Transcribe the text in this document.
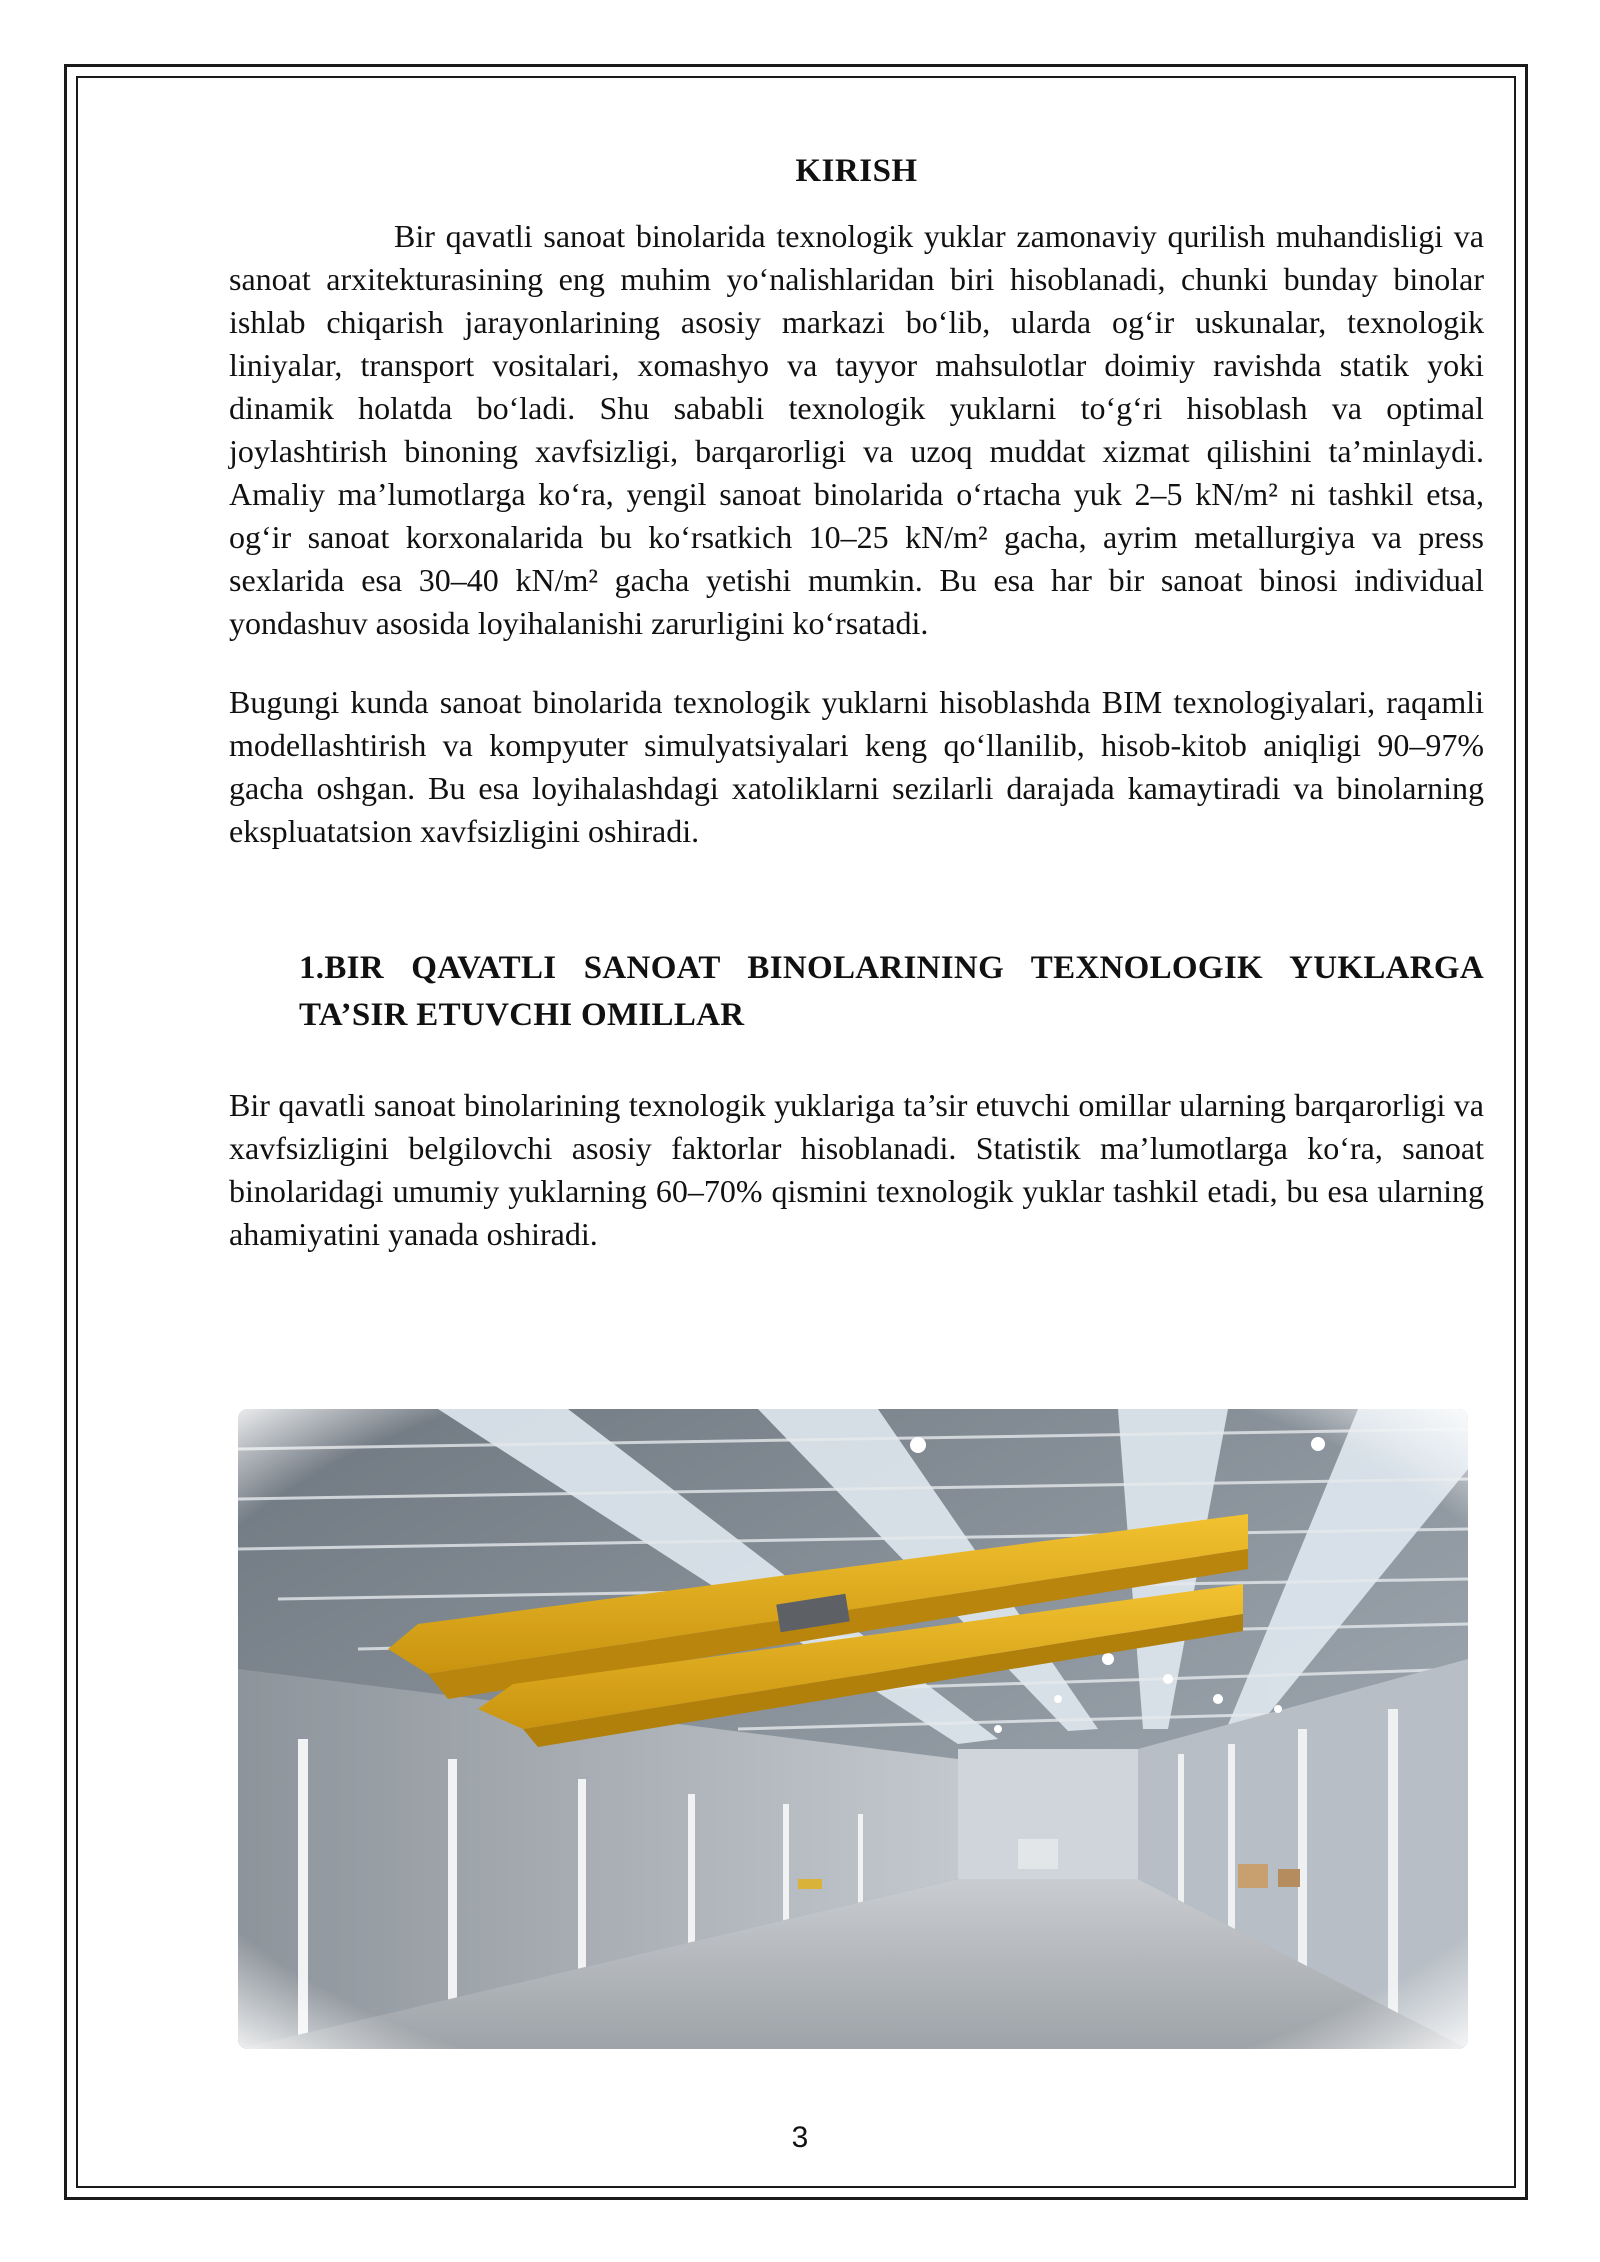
KIRISH

Bir qavatli sanoat binolarida texnologik yuklar zamonaviy qurilish muhandisligi va sanoat arxitekturasining eng muhim yo‘nalishlaridan biri hisoblanadi, chunki bunday binolar ishlab chiqarish jarayonlarining asosiy markazi bo‘lib, ularda og‘ir uskunalar, texnologik liniyalar, transport vositalari, xomashyo va tayyor mahsulotlar doimiy ravishda statik yoki dinamik holatda bo‘ladi. Shu sababli texnologik yuklarni to‘g‘ri hisoblash va optimal joylashtirish binoning xavfsizligi, barqarorligi va uzoq muddat xizmat qilishini ta’minlaydi. Amaliy ma’lumotlarga ko‘ra, yengil sanoat binolarida o‘rtacha yuk 2–5 kN/m² ni tashkil etsa, og‘ir sanoat korxonalarida bu ko‘rsatkich 10–25 kN/m² gacha, ayrim metallurgiya va press sexlarida esa 30–40 kN/m² gacha yetishi mumkin. Bu esa har bir sanoat binosi individual yondashuv asosida loyihalanishi zarurligini ko‘rsatadi.

Bugungi kunda sanoat binolarida texnologik yuklarni hisoblashda BIM texnologiyalari, raqamli modellashtirish va kompyuter simulyatsiyalari keng qo‘llanilib, hisob-kitob aniqligi 90–97% gacha oshgan. Bu esa loyihalashdagi xatoliklarni sezilarli darajada kamaytiradi va binolarning ekspluatatsion xavfsizligini oshiradi.

1.BIR QAVATLI SANOAT BINOLARINING TEXNOLOGIK YUKLARGA TA’SIR ETUVCHI OMILLAR

Bir qavatli sanoat binolarining texnologik yuklariga ta’sir etuvchi omillar ularning barqarorligi va xavfsizligini belgilovchi asosiy faktorlar hisoblanadi. Statistik ma’lumotlarga ko‘ra, sanoat binolaridagi umumiy yuklarning 60–70% qismini texnologik yuklar tashkil etadi, bu esa ularning ahamiyatini yanada oshiradi.

3
